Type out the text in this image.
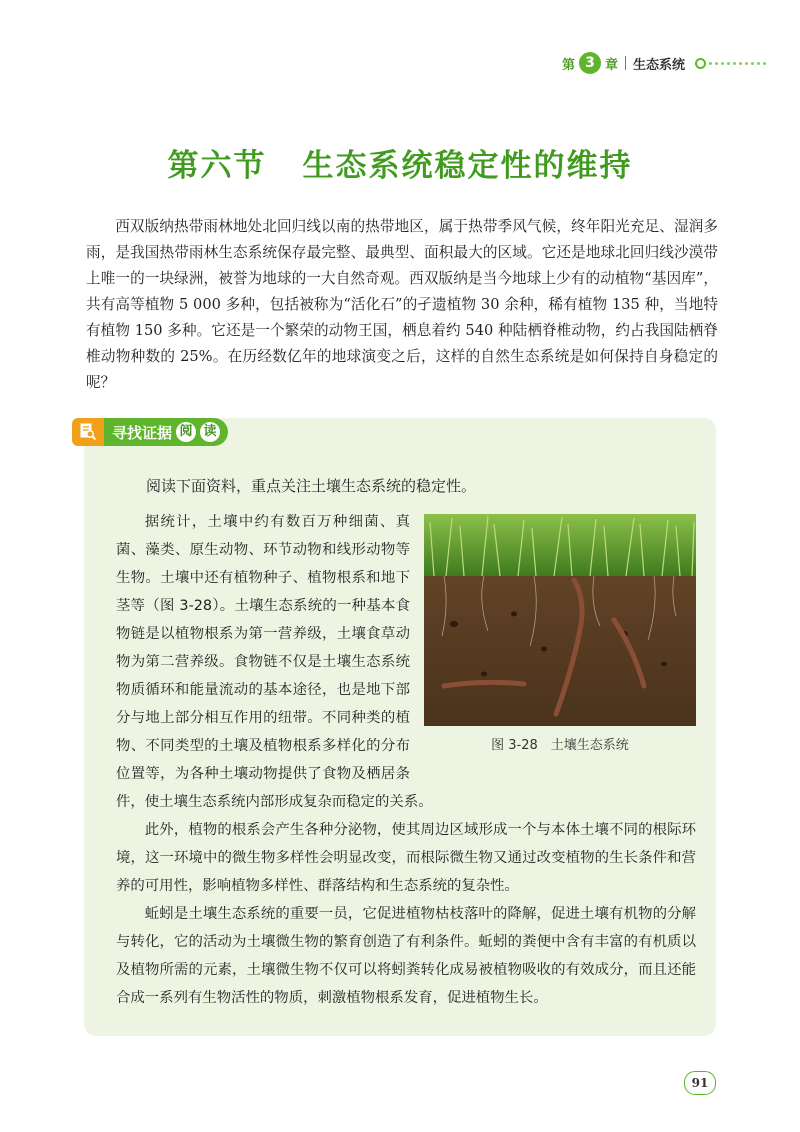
第 3 章 生态系统
第六节 生态系统稳定性的维持

西双版纳热带雨林地处北回归线以南的热带地区，属于热带季风气候，终年阳光充足、湿润多雨，是我国热带雨林生态系统保存最完整、最典型、面积最大的区域。它还是地球北回归线沙漠带上唯一的一块绿洲，被誉为地球的一大自然奇观。西双版纳是当今地球上少有的动植物“基因库”，共有高等植物 5 000 多种，包括被称为“活化石”的孑遗植物 30 余种，稀有植物 135 种，当地特有植物 150 多种。它还是一个繁荣的动物王国，栖息着约 540 种陆栖脊椎动物，约占我国陆栖脊椎动物种数的 25%。在历经数亿年的地球演变之后，这样的自然生态系统是如何保持自身稳定的呢？

寻找证据 阅 读

阅读下面资料，重点关注土壤生态系统的稳定性。

图 3-28　土壤生态系统

据统计，土壤中约有数百万种细菌、真菌、藻类、原生动物、环节动物和线形动物等生物。土壤中还有植物种子、植物根系和地下茎等（图 3-28）。土壤生态系统的一种基本食物链是以植物根系为第一营养级，土壤食草动物为第二营养级。食物链不仅是土壤生态系统物质循环和能量流动的基本途径，也是地下部分与地上部分相互作用的纽带。不同种类的植物、不同类型的土壤及植物根系多样化的分布位置等，为各种土壤动物提供了食物及栖居条件，使土壤生态系统内部形成复杂而稳定的关系。

此外，植物的根系会产生各种分泌物，使其周边区域形成一个与本体土壤不同的根际环境，这一环境中的微生物多样性会明显改变，而根际微生物又通过改变植物的生长条件和营养的可用性，影响植物多样性、群落结构和生态系统的复杂性。

蚯蚓是土壤生态系统的重要一员，它促进植物枯枝落叶的降解，促进土壤有机物的分解与转化，它的活动为土壤微生物的繁育创造了有利条件。蚯蚓的粪便中含有丰富的有机质以及植物所需的元素，土壤微生物不仅可以将蚓粪转化成易被植物吸收的有效成分，而且还能合成一系列有生物活性的物质，刺激植物根系发育，促进植物生长。

91
